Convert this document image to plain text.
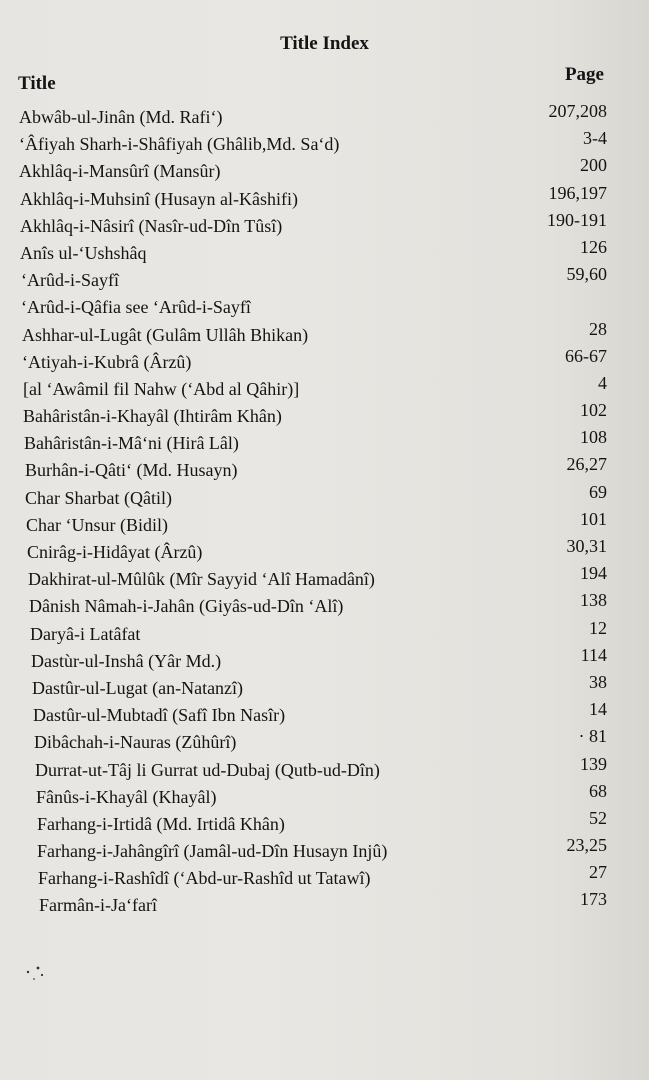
Title Index
Title	Page
Abwâb-ul-Jinân (Md. Rafi‘)	207,208
‘Âfiyah Sharh-i-Shâfiyah (Ghâlib,Md. Sa‘d)	3-4
Akhlâq-i-Mansûrî (Mansûr)	200
Akhlâq-i-Muhsinî (Husayn al-Kâshifi)	196,197
Akhlâq-i-Nâsirî (Nasîr-ud-Dîn Tûsî)	190-191
Anîs ul-‘Ushshâq	126
‘Arûd-i-Sayfî	59,60
‘Arûd-i-Qâfia see ‘Arûd-i-Sayfî
Ashhar-ul-Lugât (Gulâm Ullâh Bhikan)	28
‘Atiyah-i-Kubrâ (Ârzû)	66-67
[al ‘Awâmil fil Nahw (‘Abd al Qâhir)]	4
Bahâristân-i-Khayâl (Ihtirâm Khân)	102
Bahâristân-i-Mâ‘ni (Hirâ Lâl)	108
Burhân-i-Qâti‘ (Md. Husayn)	26,27
Char Sharbat (Qâtil)	69
Char ‘Unsur (Bidil)	101
Cnirâg-i-Hidâyat (Ârzû)	30,31
Dakhirat-ul-Mûlûk (Mîr Sayyid ‘Alî Hamadânî)	194
Dânish Nâmah-i-Jahân (Giyâs-ud-Dîn ‘Alî)	138
Daryâ-i Latâfat	12
Dastùr-ul-Inshâ (Yâr Md.)	114
Dastûr-ul-Lugat (an-Natanzî)	38
Dastûr-ul-Mubtadî (Safî Ibn Nasîr)	14
Dibâchah-i-Nauras (Zûhûrî)	· 81
Durrat-ut-Tâj li Gurrat ud-Dubaj (Qutb-ud-Dîn)	139
Fânûs-i-Khayâl (Khayâl)	68
Farhang-i-Irtidâ (Md. Irtidâ Khân)	52
Farhang-i-Jahângîrî (Jamâl-ud-Dîn Husayn Injû)	23,25
Farhang-i-Rashîdî (‘Abd-ur-Rashîd ut Tatawî)	27
Farmân-i-Ja‘farî	173
